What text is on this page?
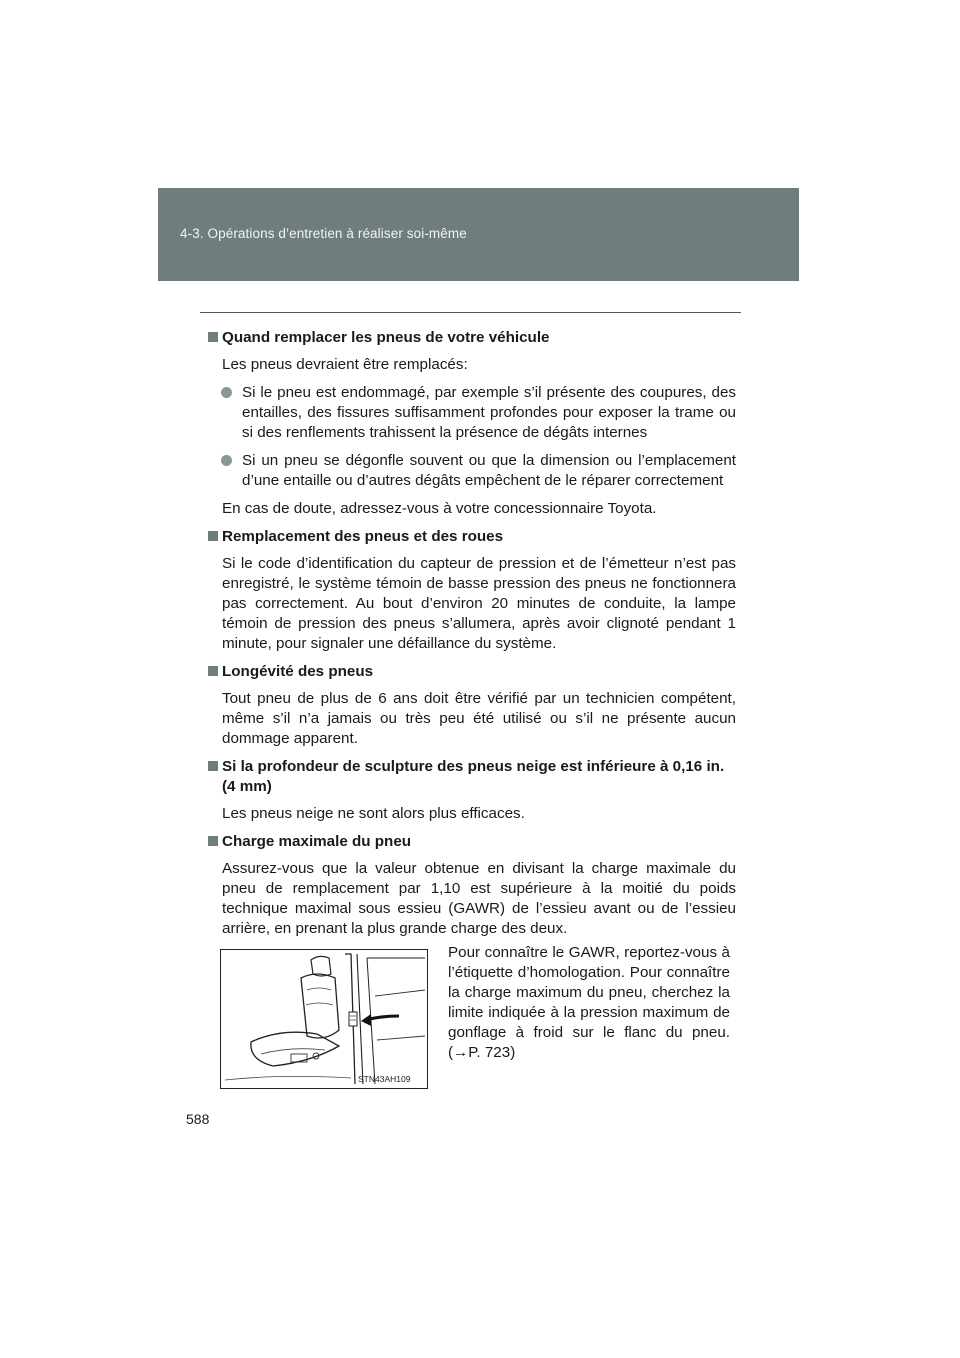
4-3. Opérations d’entretien à réaliser soi-même
Quand remplacer les pneus de votre véhicule
Les pneus devraient être remplacés:
Si le pneu est endommagé, par exemple s’il présente des coupures, des entailles, des fissures suffisamment profondes pour exposer la trame ou si des renflements trahissent la présence de dégâts internes
Si un pneu se dégonfle souvent ou que la dimension ou l’emplacement d’une entaille ou d’autres dégâts empêchent de le réparer correctement
En cas de doute, adressez-vous à votre concessionnaire Toyota.
Remplacement des pneus et des roues
Si le code d’identification du capteur de pression et de l’émetteur n’est pas enregistré, le système témoin de basse pression des pneus ne fonctionnera pas correctement. Au bout d’environ 20 minutes de conduite, la lampe témoin de pression des pneus s’allumera, après avoir clignoté pendant 1 minute, pour signaler une défaillance du système.
Longévité des pneus
Tout pneu de plus de 6 ans doit être vérifié par un technicien compétent, même s’il n’a jamais ou très peu été utilisé ou s’il ne présente aucun dommage apparent.
Si la profondeur de sculpture des pneus neige est inférieure à 0,16 in. (4 mm)
Les pneus neige ne sont alors plus efficaces.
Charge maximale du pneu
Assurez-vous que la valeur obtenue en divisant la charge maximale du pneu de remplacement par 1,10 est supérieure à la moitié du poids technique maximal sous essieu (GAWR) de l’essieu avant ou de l’essieu arrière, en prenant la plus grande charge des deux.
STN43AH109
Pour connaître le GAWR, reportez-vous à l’étiquette d’homologation. Pour connaître la charge maximum du pneu, cherchez la limite indiquée à la pression maximum de gonflage à froid sur le flanc du pneu. (→P. 723)
588
